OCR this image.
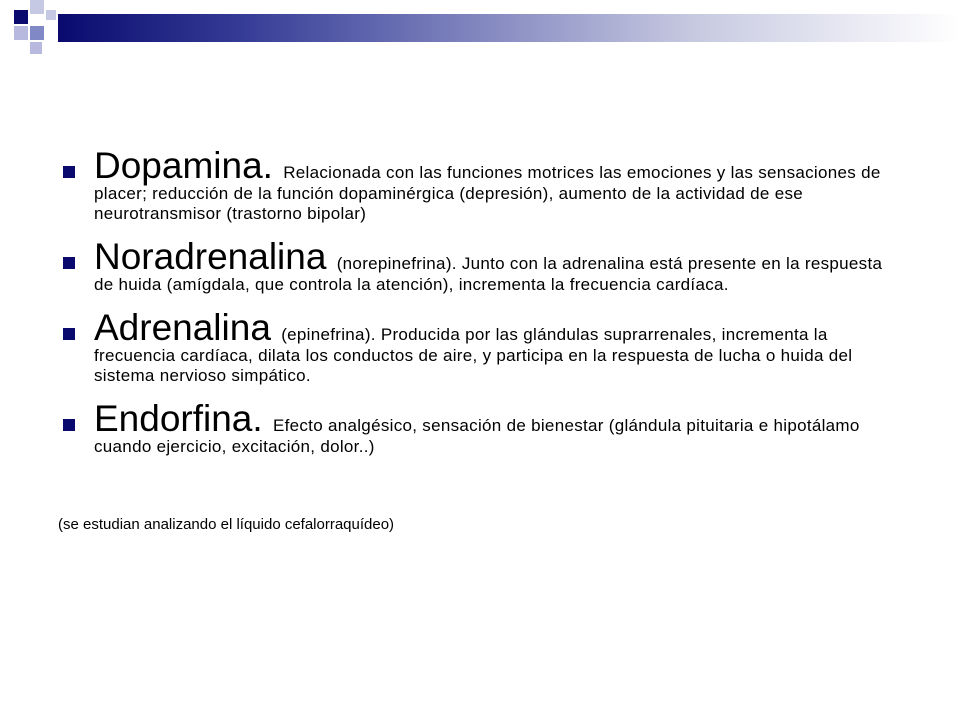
Dopamina. Relacionada con las funciones motrices las emociones y las sensaciones de placer; reducción de la función dopaminérgica (depresión), aumento de la actividad de ese neurotransmisor (trastorno bipolar)
Noradrenalina (norepinefrina). Junto con la adrenalina está presente en la respuesta de huida (amígdala, que controla la atención), incrementa la frecuencia cardíaca.
Adrenalina (epinefrina). Producida por las glándulas suprarrenales, incrementa la frecuencia cardíaca, dilata los conductos de aire, y participa en la respuesta de lucha o huida del sistema nervioso simpático.
Endorfina. Efecto analgésico, sensación de bienestar (glándula pituitaria e hipotálamo cuando ejercicio, excitación, dolor..)
(se estudian analizando el líquido cefalorraquídeo)
